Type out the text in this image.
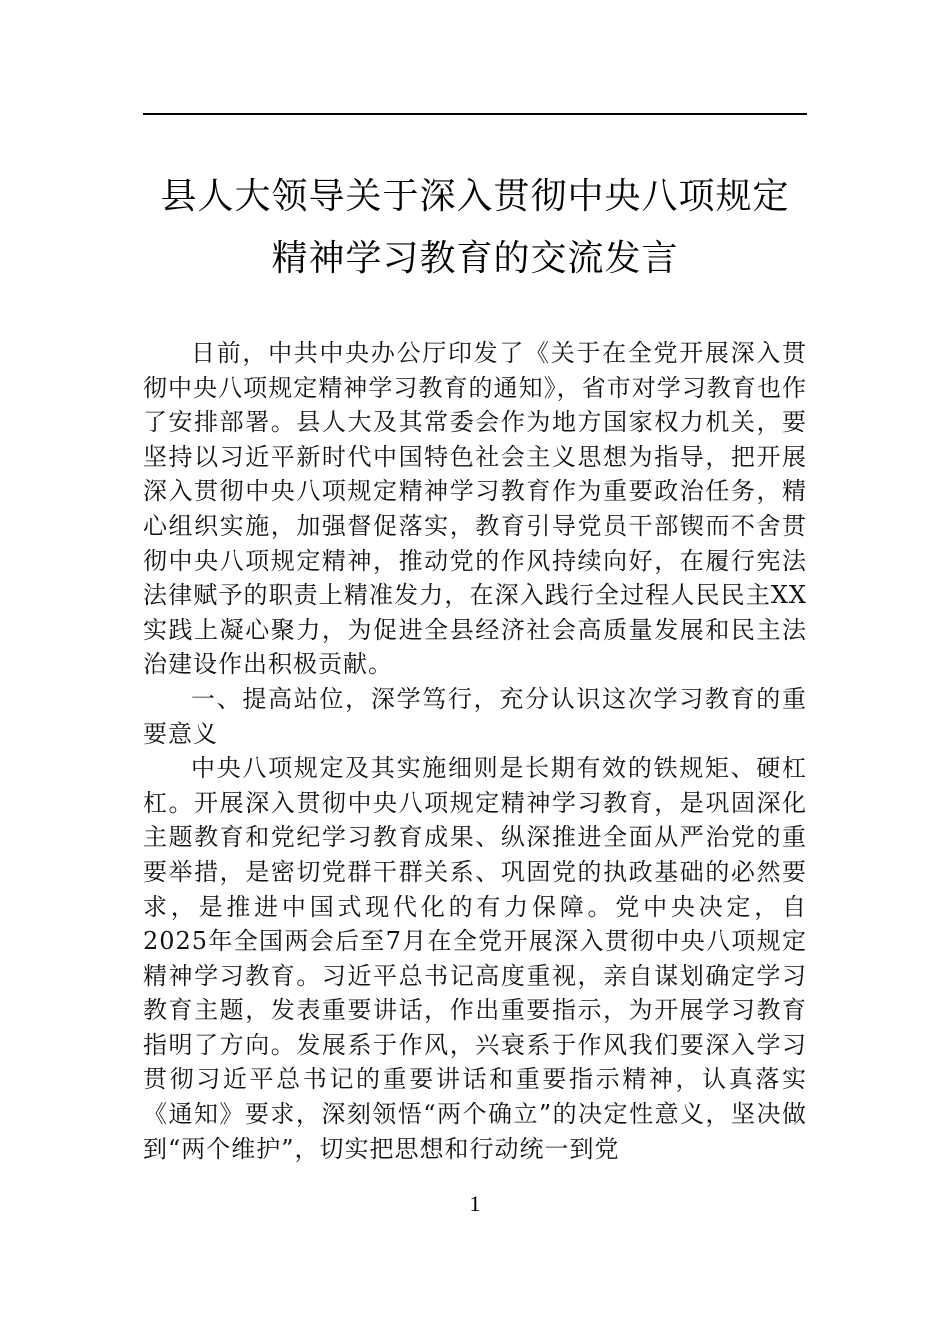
县人大领导关于深入贯彻中央八项规定精神学习教育的交流发言

日前，中共中央办公厅印发了《关于在全党开展深入贯彻中央八项规定精神学习教育的通知》，省市对学习教育也作了安排部署。县人大及其常委会作为地方国家权力机关，要坚持以习近平新时代中国特色社会主义思想为指导，把开展深入贯彻中央八项规定精神学习教育作为重要政治任务，精心组织实施，加强督促落实，教育引导党员干部锲而不舍贯彻中央八项规定精神，推动党的作风持续向好，在履行宪法法律赋予的职责上精准发力，在深入践行全过程人民民主XX实践上凝心聚力，为促进全县经济社会高质量发展和民主法治建设作出积极贡献。

一、提高站位，深学笃行，充分认识这次学习教育的重要意义

中央八项规定及其实施细则是长期有效的铁规矩、硬杠杠。开展深入贯彻中央八项规定精神学习教育，是巩固深化主题教育和党纪学习教育成果、纵深推进全面从严治党的重要举措，是密切党群干群关系、巩固党的执政基础的必然要求，是推进中国式现代化的有力保障。党中央决定，自2025年全国两会后至7月在全党开展深入贯彻中央八项规定精神学习教育。习近平总书记高度重视，亲自谋划确定学习教育主题，发表重要讲话，作出重要指示，为开展学习教育指明了方向。发展系于作风，兴衰系于作风我们要深入学习贯彻习近平总书记的重要讲话和重要指示精神，认真落实《通知》要求，深刻领悟“两个确立”的决定性意义，坚决做到“两个维护”，切实把思想和行动统一到党

1
